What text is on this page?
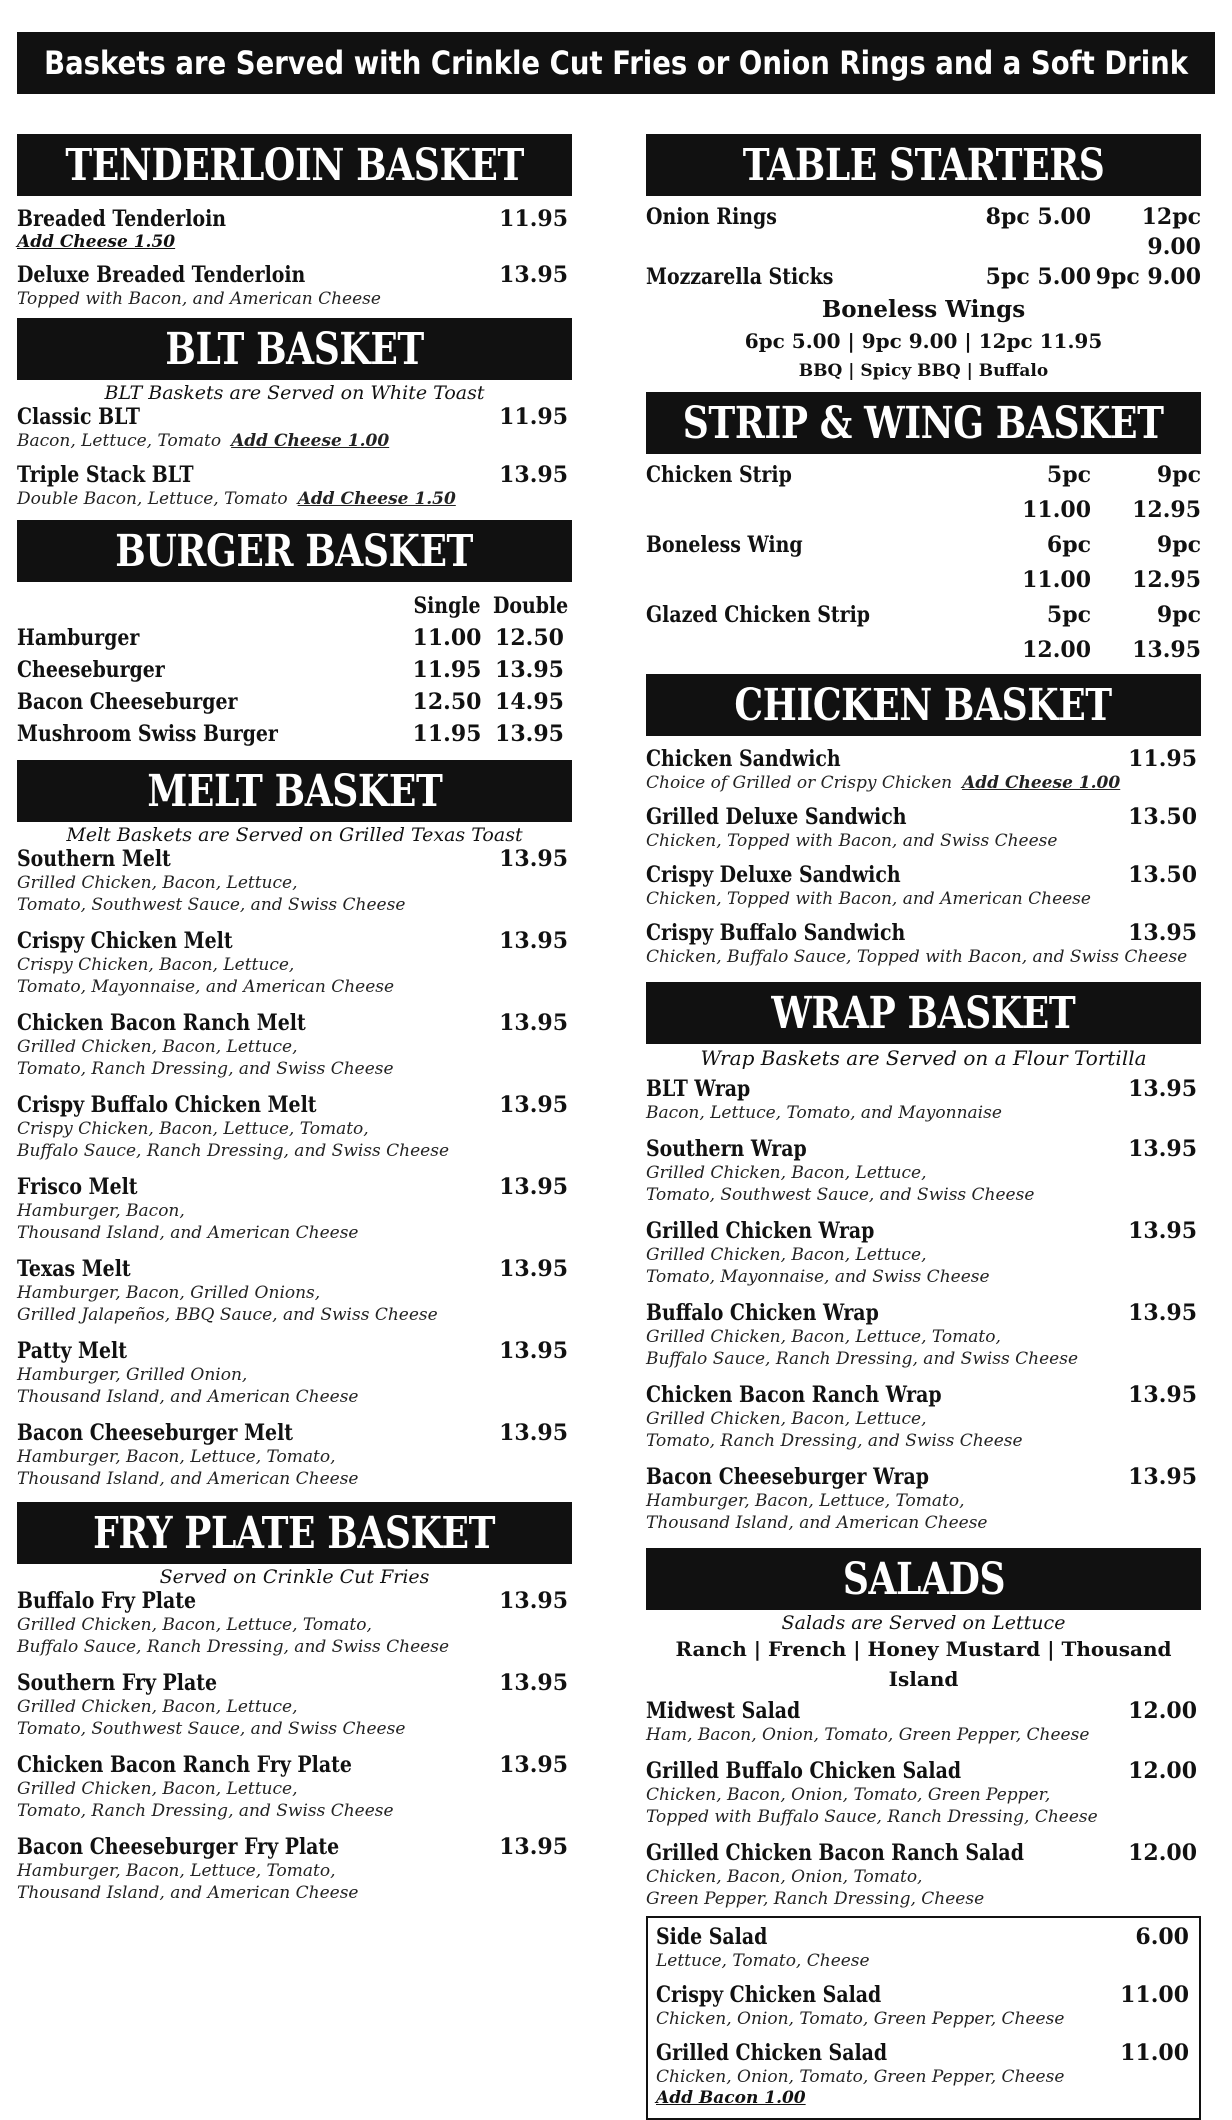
Baskets are Served with Crinkle Cut Fries or Onion Rings and a Soft Drink
TENDERLOIN BASKET
Breaded Tenderloin	11.95
Add Cheese 1.50
Deluxe Breaded Tenderloin	13.95
Topped with Bacon, and American Cheese
BLT BASKET
BLT Baskets are Served on White Toast
Classic BLT	11.95
Bacon, Lettuce, Tomato Add Cheese 1.00
Triple Stack BLT	13.95
Double Bacon, Lettuce, Tomato Add Cheese 1.50
BURGER BASKET
Single Double
Hamburger	11.00 12.50
Cheeseburger	11.95 13.95
Bacon Cheeseburger	12.50 14.95
Mushroom Swiss Burger	11.95 13.95
MELT BASKET
Melt Baskets are Served on Grilled Texas Toast
Southern Melt	13.95
Grilled Chicken, Bacon, Lettuce,
Tomato, Southwest Sauce, and Swiss Cheese
Crispy Chicken Melt	13.95
Crispy Chicken, Bacon, Lettuce,
Tomato, Mayonnaise, and American Cheese
Chicken Bacon Ranch Melt	13.95
Grilled Chicken, Bacon, Lettuce,
Tomato, Ranch Dressing, and Swiss Cheese
Crispy Buffalo Chicken Melt	13.95
Crispy Chicken, Bacon, Lettuce, Tomato,
Buffalo Sauce, Ranch Dressing, and Swiss Cheese
Frisco Melt	13.95
Hamburger, Bacon,
Thousand Island, and American Cheese
Texas Melt	13.95
Hamburger, Bacon, Grilled Onions,
Grilled Jalapeños, BBQ Sauce, and Swiss Cheese
Patty Melt	13.95
Hamburger, Grilled Onion,
Thousand Island, and American Cheese
Bacon Cheeseburger Melt	13.95
Hamburger, Bacon, Lettuce, Tomato,
Thousand Island, and American Cheese
FRY PLATE BASKET
Served on Crinkle Cut Fries
Buffalo Fry Plate	13.95
Grilled Chicken, Bacon, Lettuce, Tomato,
Buffalo Sauce, Ranch Dressing, and Swiss Cheese
Southern Fry Plate	13.95
Grilled Chicken, Bacon, Lettuce,
Tomato, Southwest Sauce, and Swiss Cheese
Chicken Bacon Ranch Fry Plate	13.95
Grilled Chicken, Bacon, Lettuce,
Tomato, Ranch Dressing, and Swiss Cheese
Bacon Cheeseburger Fry Plate	13.95
Hamburger, Bacon, Lettuce, Tomato,
Thousand Island, and American Cheese
TABLE STARTERS
Onion Rings	8pc 5.00	12pc 9.00
Mozzarella Sticks	5pc 5.00 9pc 9.00
Boneless Wings
6pc 5.00 | 9pc 9.00 | 12pc 11.95
BBQ | Spicy BBQ | Buffalo
STRIP & WING BASKET
Chicken Strip	5pc 11.00
9pc 12.95
Boneless Wing	6pc 11.00
9pc 12.95
Glazed Chicken Strip	5pc 12.00
9pc 13.95
CHICKEN BASKET
Chicken Sandwich	11.95
Choice of Grilled or Crispy Chicken Add Cheese 1.00
Grilled Deluxe Sandwich	13.50
Chicken, Topped with Bacon, and Swiss Cheese
Crispy Deluxe Sandwich	13.50
Chicken, Topped with Bacon, and American Cheese
Crispy Buffalo Sandwich	13.95
Chicken, Buffalo Sauce, Topped with Bacon, and Swiss Cheese
WRAP BASKET
Wrap Baskets are Served on a Flour Tortilla
BLT Wrap	13.95
Bacon, Lettuce, Tomato, and Mayonnaise
Southern Wrap	13.95
Grilled Chicken, Bacon, Lettuce,
Tomato, Southwest Sauce, and Swiss Cheese
Grilled Chicken Wrap	13.95
Grilled Chicken, Bacon, Lettuce,
Tomato, Mayonnaise, and Swiss Cheese
Buffalo Chicken Wrap	13.95
Grilled Chicken, Bacon, Lettuce, Tomato,
Buffalo Sauce, Ranch Dressing, and Swiss Cheese
Chicken Bacon Ranch Wrap	13.95
Grilled Chicken, Bacon, Lettuce,
Tomato, Ranch Dressing, and Swiss Cheese
Bacon Cheeseburger Wrap	13.95
Hamburger, Bacon, Lettuce, Tomato,
Thousand Island, and American Cheese
SALADS
Salads are Served on Lettuce
Ranch | French | Honey Mustard | Thousand Island
Midwest Salad	12.00
Ham, Bacon, Onion, Tomato, Green Pepper, Cheese
Grilled Buffalo Chicken Salad	12.00
Chicken, Bacon, Onion, Tomato, Green Pepper,
Topped with Buffalo Sauce, Ranch Dressing, Cheese
Grilled Chicken Bacon Ranch Salad	12.00
Chicken, Bacon, Onion, Tomato,
Green Pepper, Ranch Dressing, Cheese
Side Salad	6.00
Lettuce, Tomato, Cheese
Crispy Chicken Salad	11.00
Chicken, Onion, Tomato, Green Pepper, Cheese
Grilled Chicken Salad	11.00
Chicken, Onion, Tomato, Green Pepper, Cheese
Add Bacon 1.00
